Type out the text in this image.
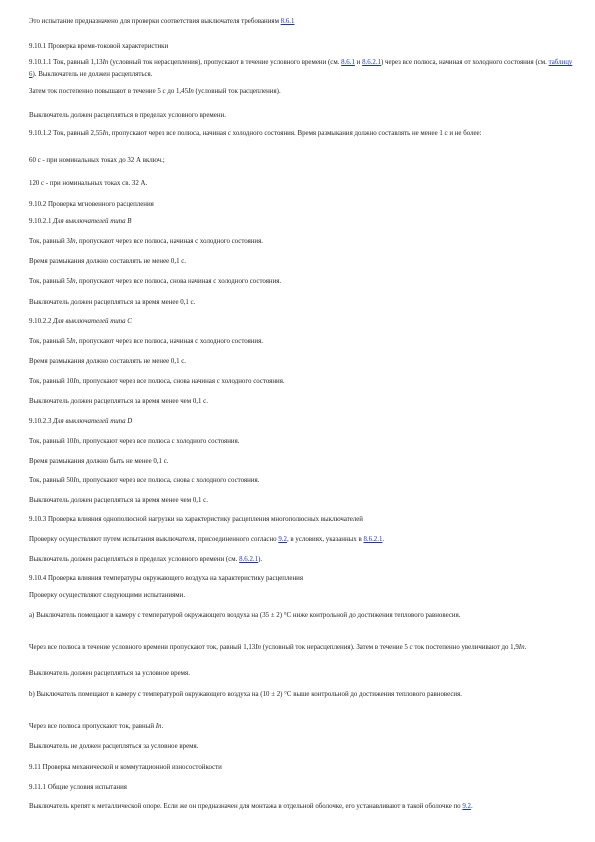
Это испытание предназначено для проверки соответствия выключателя требованиям 8.6.1
9.10.1 Проверка время-токовой характеристики
9.10.1.1 Ток, равный 1,13In (условный ток нерасцепления), пропускают в течение условного времени (см. 8.6.1 и 8.6.2.1) через все полюса, начиная от холодного состояния (см. таблицу 6). Выключатель не должен расцепляться.
Затем ток постепенно повышают в течение 5 с до 1,45In (условный ток расцепления).
Выключатель должен расцепляться в пределах условного времени.
9.10.1.2 Ток, равный 2,55In, пропускают через все полюса, начиная с холодного состояния. Время размыкания должно составлять не менее 1 с и не более:
60 с - при номинальных токах до 32 А включ.;
120 с - при номинальных токах св. 32 А.
9.10.2 Проверка мгновенного расцепления
9.10.2.1 Для выключателей типа B
Ток, равный 3In, пропускают через все полюса, начиная с холодного состояния.
Время размыкания должно составлять не менее 0,1 с.
Ток, равный 5In, пропускают через все полюса, снова начиная с холодного состояния.
Выключатель должен расцепляться за время менее 0,1 с.
9.10.2.2 Для выключателей типа C
Ток, равный 5In, пропускают через все полюса, начиная с холодного состояния.
Время размыкания должно составлять не менее 0,1 с.
Ток, равный 10In, пропускают через все полюса, снова начиная с холодного состояния.
Выключатель должен расцепляться за время менее чем 0,1 с.
9.10.2.3 Для выключателей типа D
Ток, равный 10In, пропускают через все полюса с холодного состояния.
Время размыкания должно быть не менее 0,1 с.
Ток, равный 50In, пропускают через все полюса, снова с холодного состояния.
Выключатель должен расцепляться за время менее чем 0,1 с.
9.10.3 Проверка влияния однополюсной нагрузки на характеристику расцепления многополюсных выключателей
Проверку осуществляют путем испытания выключателя, присоединенного согласно 9.2, в условиях, указанных в 8.6.2.1.
Выключатель должен расцепляться в пределах условного времени (см. 8.6.2.1).
9.10.4 Проверка влияния температуры окружающего воздуха на характеристику расцепления
Проверку осуществляют следующими испытаниями.
а) Выключатель помещают в камеру с температурой окружающего воздуха на (35 ± 2) °С ниже контрольной до достижения теплового равновесия.
Через все полюса в течение условного времени пропускают ток, равный 1,13In (условный ток нерасцепления). Затем в течение 5 с ток постепенно увеличивают до 1,9In.
Выключатель должен расцепляться за условное время.
b) Выключатель помещают в камеру с температурой окружающего воздуха на (10 ± 2) °С выше контрольной до достижения теплового равновесия.
Через все полюса пропускают ток, равный In.
Выключатель не должен расцепляться за условное время.
9.11 Проверка механической и коммутационной износостойкости
9.11.1 Общие условия испытания
Выключатель крепят к металлической опоре. Если же он предназначен для монтажа в отдельной оболочке, его устанавливают в такой оболочке по 9.2.
